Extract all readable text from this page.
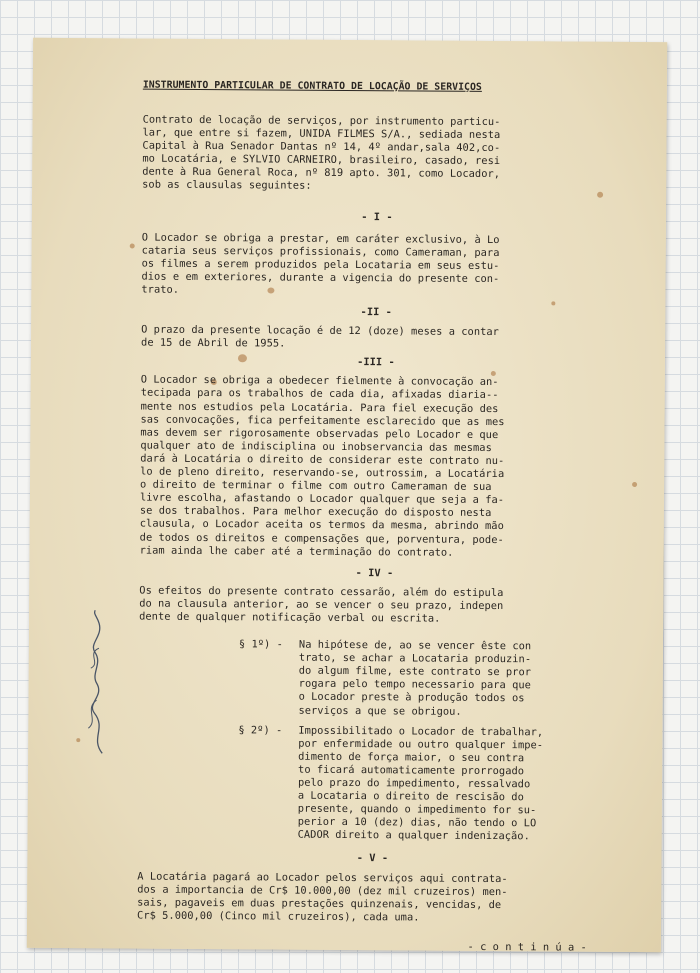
INSTRUMENTO PARTICULAR DE CONTRATO DE LOCAÇÃO DE SERVIÇOS

Contrato de locação de serviços, por instrumento particu-
lar, que entre si fazem, UNIDA FILMES S/A., sediada nesta
Capital à Rua Senador Dantas nº 14, 4º andar,sala 402,co-
mo Locatária, e SYLVIO CARNEIRO, brasileiro, casado, resi
dente à Rua General Roca, nº 819 apto. 301, como Locador,
sob as clausulas seguintes:

- I -

O Locador se obriga a prestar, em caráter exclusivo, à Lo
cataria seus serviços profissionais, como Cameraman, para
os filmes a serem produzidos pela Locataria em seus estu-
dios e em exteriores, durante a vigencia do presente con-
trato.

-II -

O prazo da presente locação é de 12 (doze) meses a contar
de 15 de Abril de 1955.

-III -

O Locador se obriga a obedecer fielmente à convocação an-
tecipada para os trabalhos de cada dia, afixadas diaria--
mente nos estudios pela Locatária. Para fiel execução des
sas convocações, fica perfeitamente esclarecido que as mes
mas devem ser rigorosamente observadas pelo Locador e que
qualquer ato de indisciplina ou inobservancia das mesmas
dará à Locatária o direito de considerar este contrato nu-
lo de pleno direito, reservando-se, outrossim, a Locatária
o direito de terminar o filme com outro Cameraman de sua
livre escolha, afastando o Locador qualquer que seja a fa-
se dos trabalhos. Para melhor execução do disposto nesta
clausula, o Locador aceita os termos da mesma, abrindo mão
de todos os direitos e compensações que, porventura, pode-
riam ainda lhe caber até a terminação do contrato.

- IV -

Os efeitos do presente contrato cessarão, além do estipula
do na clausula anterior, ao se vencer o seu prazo, indepen
dente de qualquer notificação verbal ou escrita.

§ 1º) -	Na hipótese de, ao se vencer êste con
trato, se achar a Locataria produzin-
do algum filme, este contrato se pror
rogara pelo tempo necessario para que
o Locador preste à produção todos os
serviços a que se obrigou.
§ 2º) -	Impossibilitado o Locador de trabalhar,
por enfermidade ou outro qualquer impe-
dimento de força maior, o seu contra
to ficará automaticamente prorrogado
pelo prazo do impedimento, ressalvado
a Locataria o direito de rescisão do
presente, quando o impedimento for su-
perior a 10 (dez) dias, não tendo o LO
CADOR direito a qualquer indenização.

- V -

A Locatária pagará ao Locador pelos serviços aqui contrata-
dos a importancia de Cr$ 10.000,00 (dez mil cruzeiros) men-
sais, pagaveis em duas prestações quinzenais, vencidas, de
Cr$ 5.000,00 (Cinco mil cruzeiros), cada uma.

- c o n t i n ú a -
